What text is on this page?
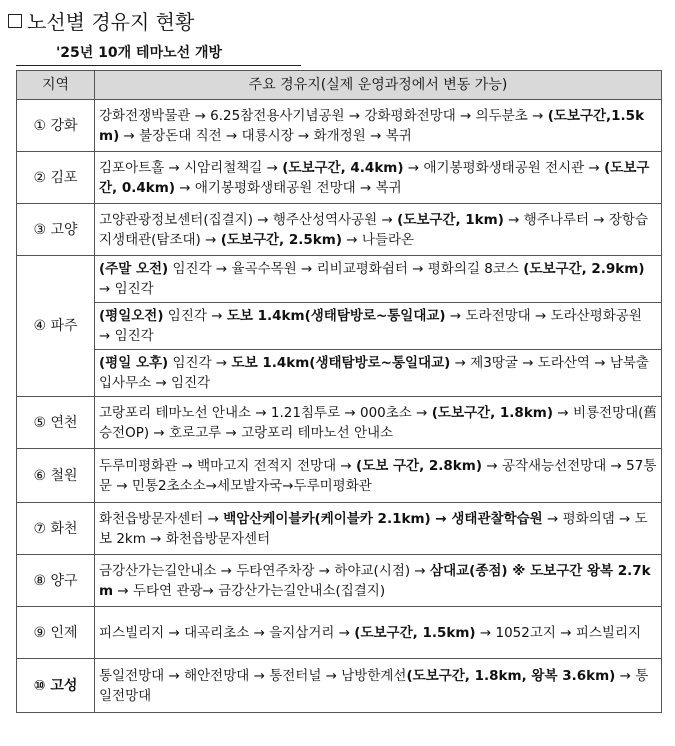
노선별 경유지 현황
'25년 10개 테마노선 개방
지역	주요 경유지(실제 운영과정에서 변동 가능)
① 강화	강화전쟁박물관 → 6.25참전용사기념공원 → 강화평화전망대 → 의두분초 → (도보구간,1.5km) → 불장돈대 직전 → 대룡시장 → 화개정원 → 복귀
② 김포	김포아트홀 → 시암리철책길 → (도보구간, 4.4km) → 애기봉평화생태공원 전시관 → (도보구간, 0.4km) → 애기봉평화생태공원 전망대 → 복귀
③ 고양	고양관광정보센터(집결지) → 행주산성역사공원 → (도보구간, 1km) → 행주나루터 → 장항습지생태관(탐조대) → (도보구간, 2.5km) → 나들라온
④ 파주	(주말 오전) 임진각 → 율곡수목원 → 리비교평화쉼터 → 평화의길 8코스 (도보구간, 2.9km) → 임진각
	(평일오전) 임진각 → 도보 1.4km(생태탐방로~통일대교) → 도라전망대 → 도라산평화공원 → 임진각
	(평일 오후) 임진각 → 도보 1.4km(생태탐방로~통일대교) → 제3땅굴 → 도라산역 → 남북출입사무소 → 임진각
⑤ 연천	고랑포리 테마노선 안내소 → 1.21침투로 → 000초소 → (도보구간, 1.8km) → 비룡전망대(舊 승전OP) → 호로고루 → 고랑포리 테마노선 안내소
⑥ 철원	두루미평화관 → 백마고지 전적지 전망대 → (도보 구간, 2.8km) → 공작새능선전망대 → 57통문 → 민통2초소소→세모발자국→두루미평화관
⑦ 화천	화천읍방문자센터 → 백암산케이블카(케이블카 2.1km) → 생태관찰학습원 → 평화의댐 → 도보 2km → 화천읍방문자센터
⑧ 양구	금강산가는길안내소 → 두타연주차장 → 하야교(시점) → 삼대교(종점) ※ 도보구간 왕복 2.7km → 두타연 관광→ 금강산가는길안내소(집결지)
⑨ 인제	피스빌리지 → 대곡리초소 → 을지삼거리 → (도보구간, 1.5km) → 1052고지 → 피스빌리지
⑩ 고성	통일전망대 → 해안전망대 → 통전터널 → 남방한계선(도보구간, 1.8km, 왕복 3.6km) → 통일전망대
